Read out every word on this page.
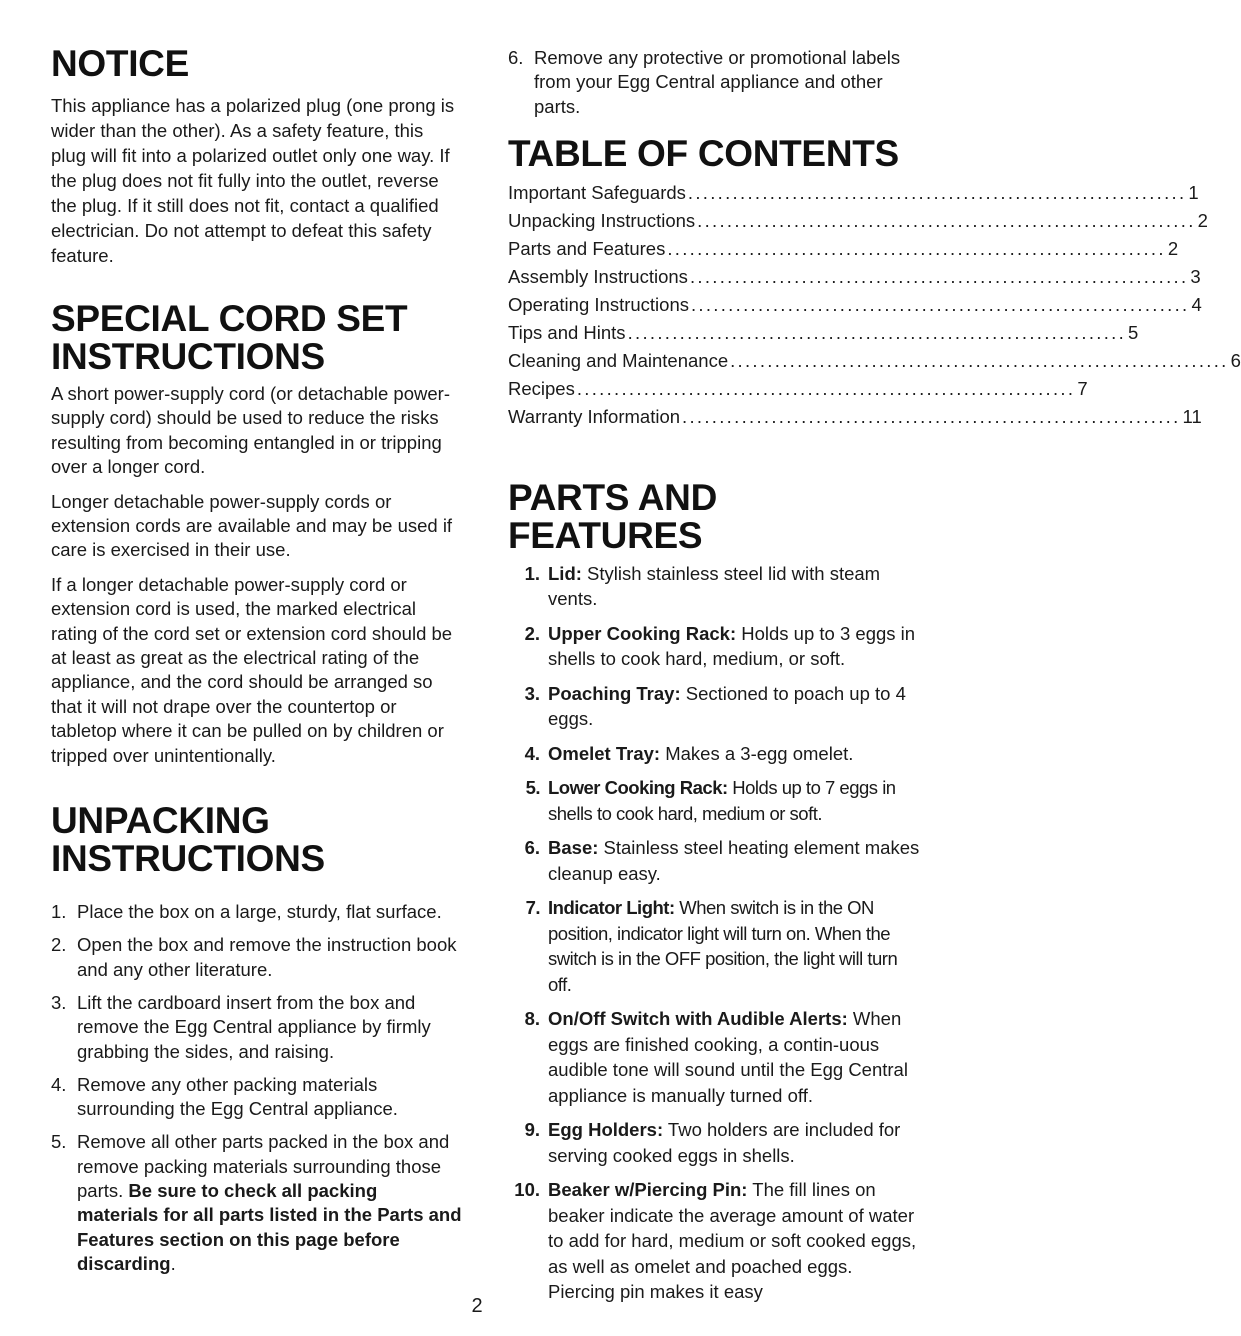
NOTICE

This appliance has a polarized plug (one prong is wider than the other). As a safety feature, this plug will fit into a polarized outlet only one way. If the plug does not fit fully into the outlet, reverse the plug. If it still does not fit, contact a qualified electrician. Do not attempt to defeat this safety feature.

SPECIAL CORD SET
INSTRUCTIONS

A short power-supply cord (or detachable power-supply cord) should be used to reduce the risks resulting from becoming entangled in or tripping over a longer cord.

Longer detachable power-supply cords or extension cords are available and may be used if care is exercised in their use.

If a longer detachable power-supply cord or extension cord is used, the marked electrical rating of the cord set or extension cord should be at least as great as the electrical rating of the appliance, and the cord should be arranged so that it will not drape over the countertop or tabletop where it can be pulled on by children or tripped over unintentionally.

UNPACKING
INSTRUCTIONS
1. Place the box on a large, sturdy, flat surface.
2. Open the box and remove the instruction book and any other literature.
3. Lift the cardboard insert from the box and remove the Egg Central appliance by firmly grabbing the sides, and raising.
4. Remove any other packing materials surrounding the Egg Central appliance.
5. Remove all other parts packed in the box and remove packing materials surrounding those parts. Be sure to check all packing materials for all parts listed in the Parts and Features section on this page before discarding.
6. Remove any protective or promotional labels from your Egg Central appliance and other parts.
TABLE OF CONTENTS
Important Safeguards ................................................................... 1
Unpacking Instructions ................................................................... 2
Parts and Features ................................................................... 2
Assembly Instructions ................................................................... 3
Operating Instructions ................................................................... 4
Tips and Hints ................................................................... 5
Cleaning and Maintenance ................................................................... 6
Recipes ................................................................... 7
Warranty Information ................................................................... 11
PARTS AND FEATURES
1. Lid: Stylish stainless steel lid with steam vents.
2. Upper Cooking Rack: Holds up to 3 eggs in shells to cook hard, medium, or soft.
3. Poaching Tray: Sectioned to poach up to 4 eggs.
4. Omelet Tray: Makes a 3-egg omelet.
5. Lower Cooking Rack: Holds up to 7 eggs in shells to cook hard, medium or soft.
6. Base: Stainless steel heating element makes cleanup easy.
7. Indicator Light: When switch is in the ON position, indicator light will turn on. When the switch is in the OFF position, the light will turn off.
8. On/Off Switch with Audible Alerts: When eggs are finished cooking, a contin-uous audible tone will sound until the Egg Central appliance is manually turned off.
9. Egg Holders: Two holders are included for serving cooked eggs in shells.
10. Beaker w/Piercing Pin: The fill lines on beaker indicate the average amount of water to add for hard, medium or soft cooked eggs, as well as omelet and poached eggs. Piercing pin makes it easy
2
